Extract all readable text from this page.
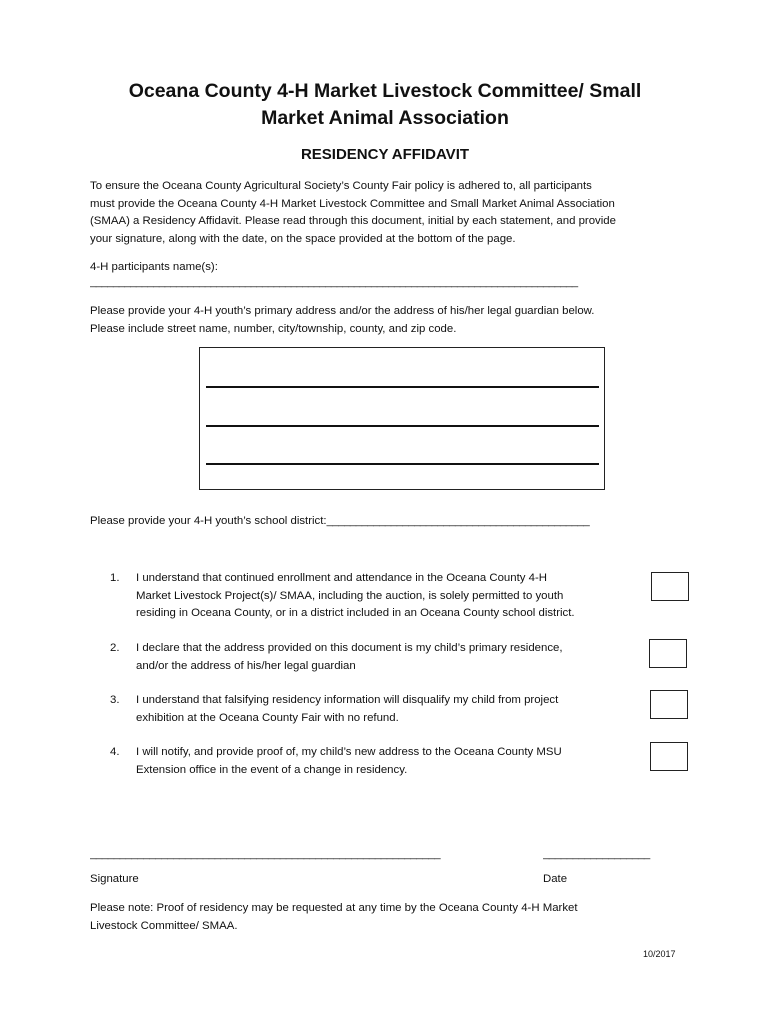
Oceana County 4-H Market Livestock Committee/ Small
Market Animal Association
RESIDENCY AFFIDAVIT
To ensure the Oceana County Agricultural Society’s County Fair policy is adhered to, all participants
must provide the Oceana County 4-H Market Livestock Committee and Small Market Animal Association
(SMAA) a Residency Affidavit. Please read through this document, initial by each statement, and provide
your signature, along with the date, on the space provided at the bottom of the page.
4-H participants name(s):
_____________________________________________________________________________________
Please provide your 4-H youth’s primary address and/or the address of his/her legal guardian below.
Please include street name, number, city/township, county, and zip code.
Please provide your 4-H youth’s school district:_____________________________________________
1.	I understand that continued enrollment and attendance in the Oceana County 4-H
Market Livestock Project(s)/ SMAA, including the auction, is solely permitted to youth
residing in Oceana County, or in a district included in an Oceana County school district.
2.	I declare that the address provided on this document is my child’s primary residence,
and/or the address of his/her legal guardian
3.	I understand that falsifying residency information will disqualify my child from project
exhibition at the Oceana County Fair with no refund.
4.	I will notify, and provide proof of, my child’s new address to the Oceana County MSU
Extension office in the event of a change in residency.
___________________________________________________________	__________________
Signature	Date
Please note: Proof of residency may be requested at any time by the Oceana County 4-H Market
Livestock Committee/ SMAA.
10/2017
